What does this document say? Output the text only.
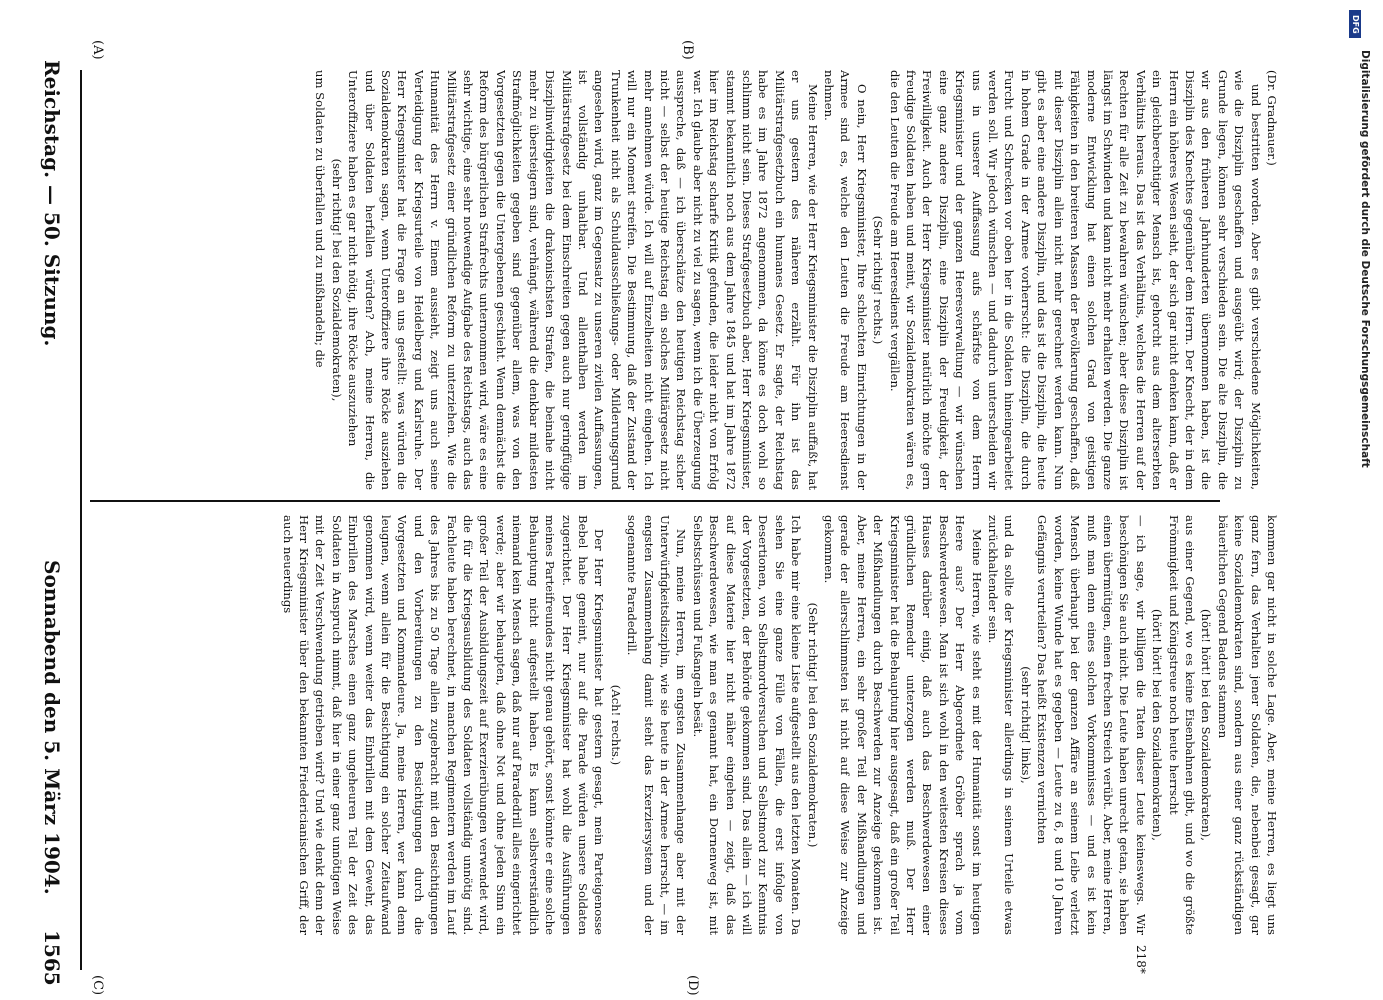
Reichstag. — 50. Sitzung.
Sonnabend den 5. März 1904.
1565
(A)	(B)
(C)	(D)

(Dr. Gradnauer.)

und bestritten worden. Aber es gibt verschiedene Möglichkeiten, wie die Disziplin geschaffen und ausgeübt wird; der Disziplin zu Grunde liegen, können sehr verschieden sein. Die alte Disziplin, die wir aus den früheren Jahrhunderten übernommen haben, ist die Disziplin des Knechtes gegenüber dem Herrn. Der Knecht, der in dem Herrn ein höheres Wesen sieht, der sich gar nicht denken kann, daß er ein gleichberechtigter Mensch ist, gehorcht aus dem alterserbten Verhältnis heraus. Das ist das Verhältnis, welches die Herren auf der Rechten für alle Zeit zu bewahren wünschen; aber diese Disziplin ist längst im Schwinden und kann nicht mehr erhalten werden. Die ganze moderne Entwicklung hat einen solchen Grad von geistigen Fähigkeiten in den breiteren Massen der Bevölkerung geschaffen, daß mit dieser Disziplin allein nicht mehr gerechnet werden kann. Nun gibt es aber eine andere Disziplin, und das ist die Disziplin, die heute in hohem Grade in der Armee vorherrscht: die Disziplin, die durch Furcht und Schrecken vor oben her in die Soldaten hineingearbeitet werden soll. Wir jedoch wünschen — und dadurch unterscheiden wir uns in unserer Auffassung aufs schärfste von dem Herrn Kriegsminister und der ganzen Heeresverwaltung — wir wünschen eine ganz andere Disziplin, eine Disziplin der Freudigkeit, der Freiwilligkeit. Auch der Herr Kriegsminister natürlich möchte gern freudige Soldaten haben und meint, wir Sozialdemokraten wären es, die den Leuten die Freude am Heeresdienst vergällen.

(Sehr richtig! rechts.)

O nein, Herr Kriegsminister, Ihre schlechten Einrichtungen in der Armee sind es, welche den Leuten die Freude am Heeresdienst nehmen.

Meine Herren, wie der Herr Kriegsminister die Disziplin auffaßt, hat er uns gestern des näheren erzählt. Für ihn ist das Militärstrafgesetzbuch ein humanes Gesetz. Er sagte, der Reichstag habe es im Jahre 1872 angenommen, da könne es doch wohl so schlimm nicht sein. Dieses Strafgesetzbuch aber, Herr Kriegsminister, stammt bekanntlich noch aus dem Jahre 1845 und hat im Jahre 1872 hier im Reichstag scharfe Kritik gefunden, die leider nicht von Erfolg war. Ich glaube aber nicht zu viel zu sagen, wenn ich die Überzeugung ausspreche, daß — ich überschätze den heutigen Reichstag sicher nicht — selbst der heutige Reichstag ein solches Militärgesetz nicht mehr annehmen würde. Ich will auf Einzelheiten nicht eingehen. Ich will nur ein Moment streifen. Die Bestimmung, daß der Zustand der Trunkenheit nicht als Schuldausschließungs- oder Milderungsgrund angesehen wird, ganz im Gegensatz zu unseren zivilen Auffassungen, ist vollständig unhaltbar. Und allenthalben werden im Militärstrafgesetz bei dem Einschreiten gegen auch nur geringfügige Disziplinwidrigkeiten die drakonischsten Strafen, die beinahe nicht mehr zu übersteigern sind, verhängt, während die denkbar mildesten Strafmöglichkeiten gegeben sind gegenüber allem, was von den Vorgesetzten gegen die Untergebenen geschieht. Wenn demnächst die Reform des bürgerlichen Strafrechts unternommen wird, wäre es eine sehr wichtige, eine sehr notwendige Aufgabe des Reichstags, auch das Militärstrafgesetz einer gründlichen Reform zu unterziehen. Wie die Humanität des Herrn v. Einem aussieht, zeigt uns auch seine Verteidigung der Kriegsurteile von Heidelberg und Karlsruhe. Der Herr Kriegsminister hat die Frage an uns gestellt: was würden die Sozialdemokraten sagen, wenn Unteroffiziere ihre Röcke ausziehen und über Soldaten herfallen würden? Ach, meine Herren, die Unteroffiziere haben es gar nicht nötig, ihre Röcke auszuziehen

(sehr richtig! bei den Sozialdemokraten),

um Soldaten zu überfallen und zu mißhandeln; die

kommen gar nicht in solche Lage. Aber, meine Herren, es liegt uns ganz fern, das Verhalten jener Soldaten, die, nebenbei gesagt, gar keine Sozialdemokraten sind, sondern aus einer ganz rückständigen bäuerlichen Gegend Badens stammen

(hört! hört! bei den Sozialdemokraten),

aus einer Gegend, wo es keine Eisenbahnen gibt, und wo die größte Frömmigkeit und Königstreue noch heute herrscht

(hört! hört! bei den Sozialdemokraten),

— ich sage, wir billigen die Taten dieser Leute keineswegs. Wir beschönigen Sie auch nicht. Die Leute haben unrecht getan, sie haben einen übermütigen, einen frechen Streich verübt. Aber, meine Herren, muß man denn eines solchen Vorkommnisses — und es ist kein Mensch überhaupt bei der ganzen Affäre an seinem Leibe verletzt worden, keine Wunde hat es gegeben — Leute zu 6, 8 und 10 Jahren Gefängnis verurteilen? Das heißt Existenzen vernichten

(sehr richtig! links),

und da sollte der Kriegsminister allerdings in seinem Urteile etwas zurückhaltender sein.

Meine Herren, wie steht es mit der Humanität sonst im heutigen Heere aus? Der Herr Abgeordnete Gröber sprach ja vom Beschwerdewesen. Man ist sich wohl in den weitesten Kreisen dieses Hauses darüber einig, daß auch das Beschwerdewesen einer gründlichen Remedur unterzogen werden muß. Der Herr Kriegsminister hat die Behauptung hier ausgesagt, daß ein großer Teil der Mißhandlungen durch Beschwerden zur Anzeige gekommen ist. Aber, meine Herren, ein sehr großer Teil der Mißhandlungen und gerade der allerschlimmsten ist nicht auf diese Weise zur Anzeige gekommen.

(Sehr richtig! bei den Sozialdemokraten.)

Ich habe mir eine kleine Liste aufgestellt aus den letzten Monaten. Da sehen Sie eine ganze Fülle von Fällen, die erst infolge von Desertionen, von Selbstmordversuchen und Selbstmord zur Kenntnis der Vorgesetzten, der Behörde gekommen sind. Das allein — ich will auf diese Materie hier nicht näher eingehen — zeigt, daß das Beschwerdewesen, wie man es genannt hat, ein Dornenweg ist, mit Selbstschüssen und Fußangeln besät.

Nun, meine Herren, im engsten Zusammenhange aber mit der Unterwürfigkeitsdisziplin, wie sie heute in der Armee herrscht, — im engsten Zusammenhang damit steht das Exerziersystem und der sogenannte Paradedrill.

(Ach! rechts.)

Der Herr Kriegsminister hat gestern gesagt, mein Parteigenosse Bebel habe gemeint, nur auf die Parade würden unsere Soldaten zugerichtet. Der Herr Kriegsminister hat wohl die Ausführungen meines Parteifreundes nicht genau gehört, sonst könnte er eine solche Behauptung nicht aufgestellt haben. Es kann selbstverständlich niemand kein Mensch sagen, daß nur auf Paradedrill alles eingerichtet werde; aber wir behaupten, daß ohne Not und ohne jeden Sinn ein großer Teil der Ausbildungszeit auf Exerzierübungen verwendet wird, die für die Kriegsausbildung des Soldaten vollständig unnötig sind. Fachleute haben berechnet, in manchen Regimentern werden im Lauf des Jahres bis zu 50 Tage allein zugebracht mit den Besichtigungen und den Vorbereitungen zu den Besichtigungen durch die Vorgesetzten und Kommandeure. Ja, meine Herren, wer kann denn leugnen, wenn allein für die Besichtigung ein solcher Zeitaufwand genommen wird, wenn weiter das Einbrillen mit dem Gewehr, das Einbrillen des Marsches einen ganz ungeheuren Teil der Zeit des Soldaten in Anspruch nimmt, daß hier in einer ganz unnötigen Weise mit der Zeit Verschwendung getrieben wird? Und wie denkt denn der Herr Kriegsminister über den bekannten Friedericianischen Griff, der auch neuerdings

218*
DFG
Digitalisierung gefördert durch die Deutsche Forschungsgemeinschaft
